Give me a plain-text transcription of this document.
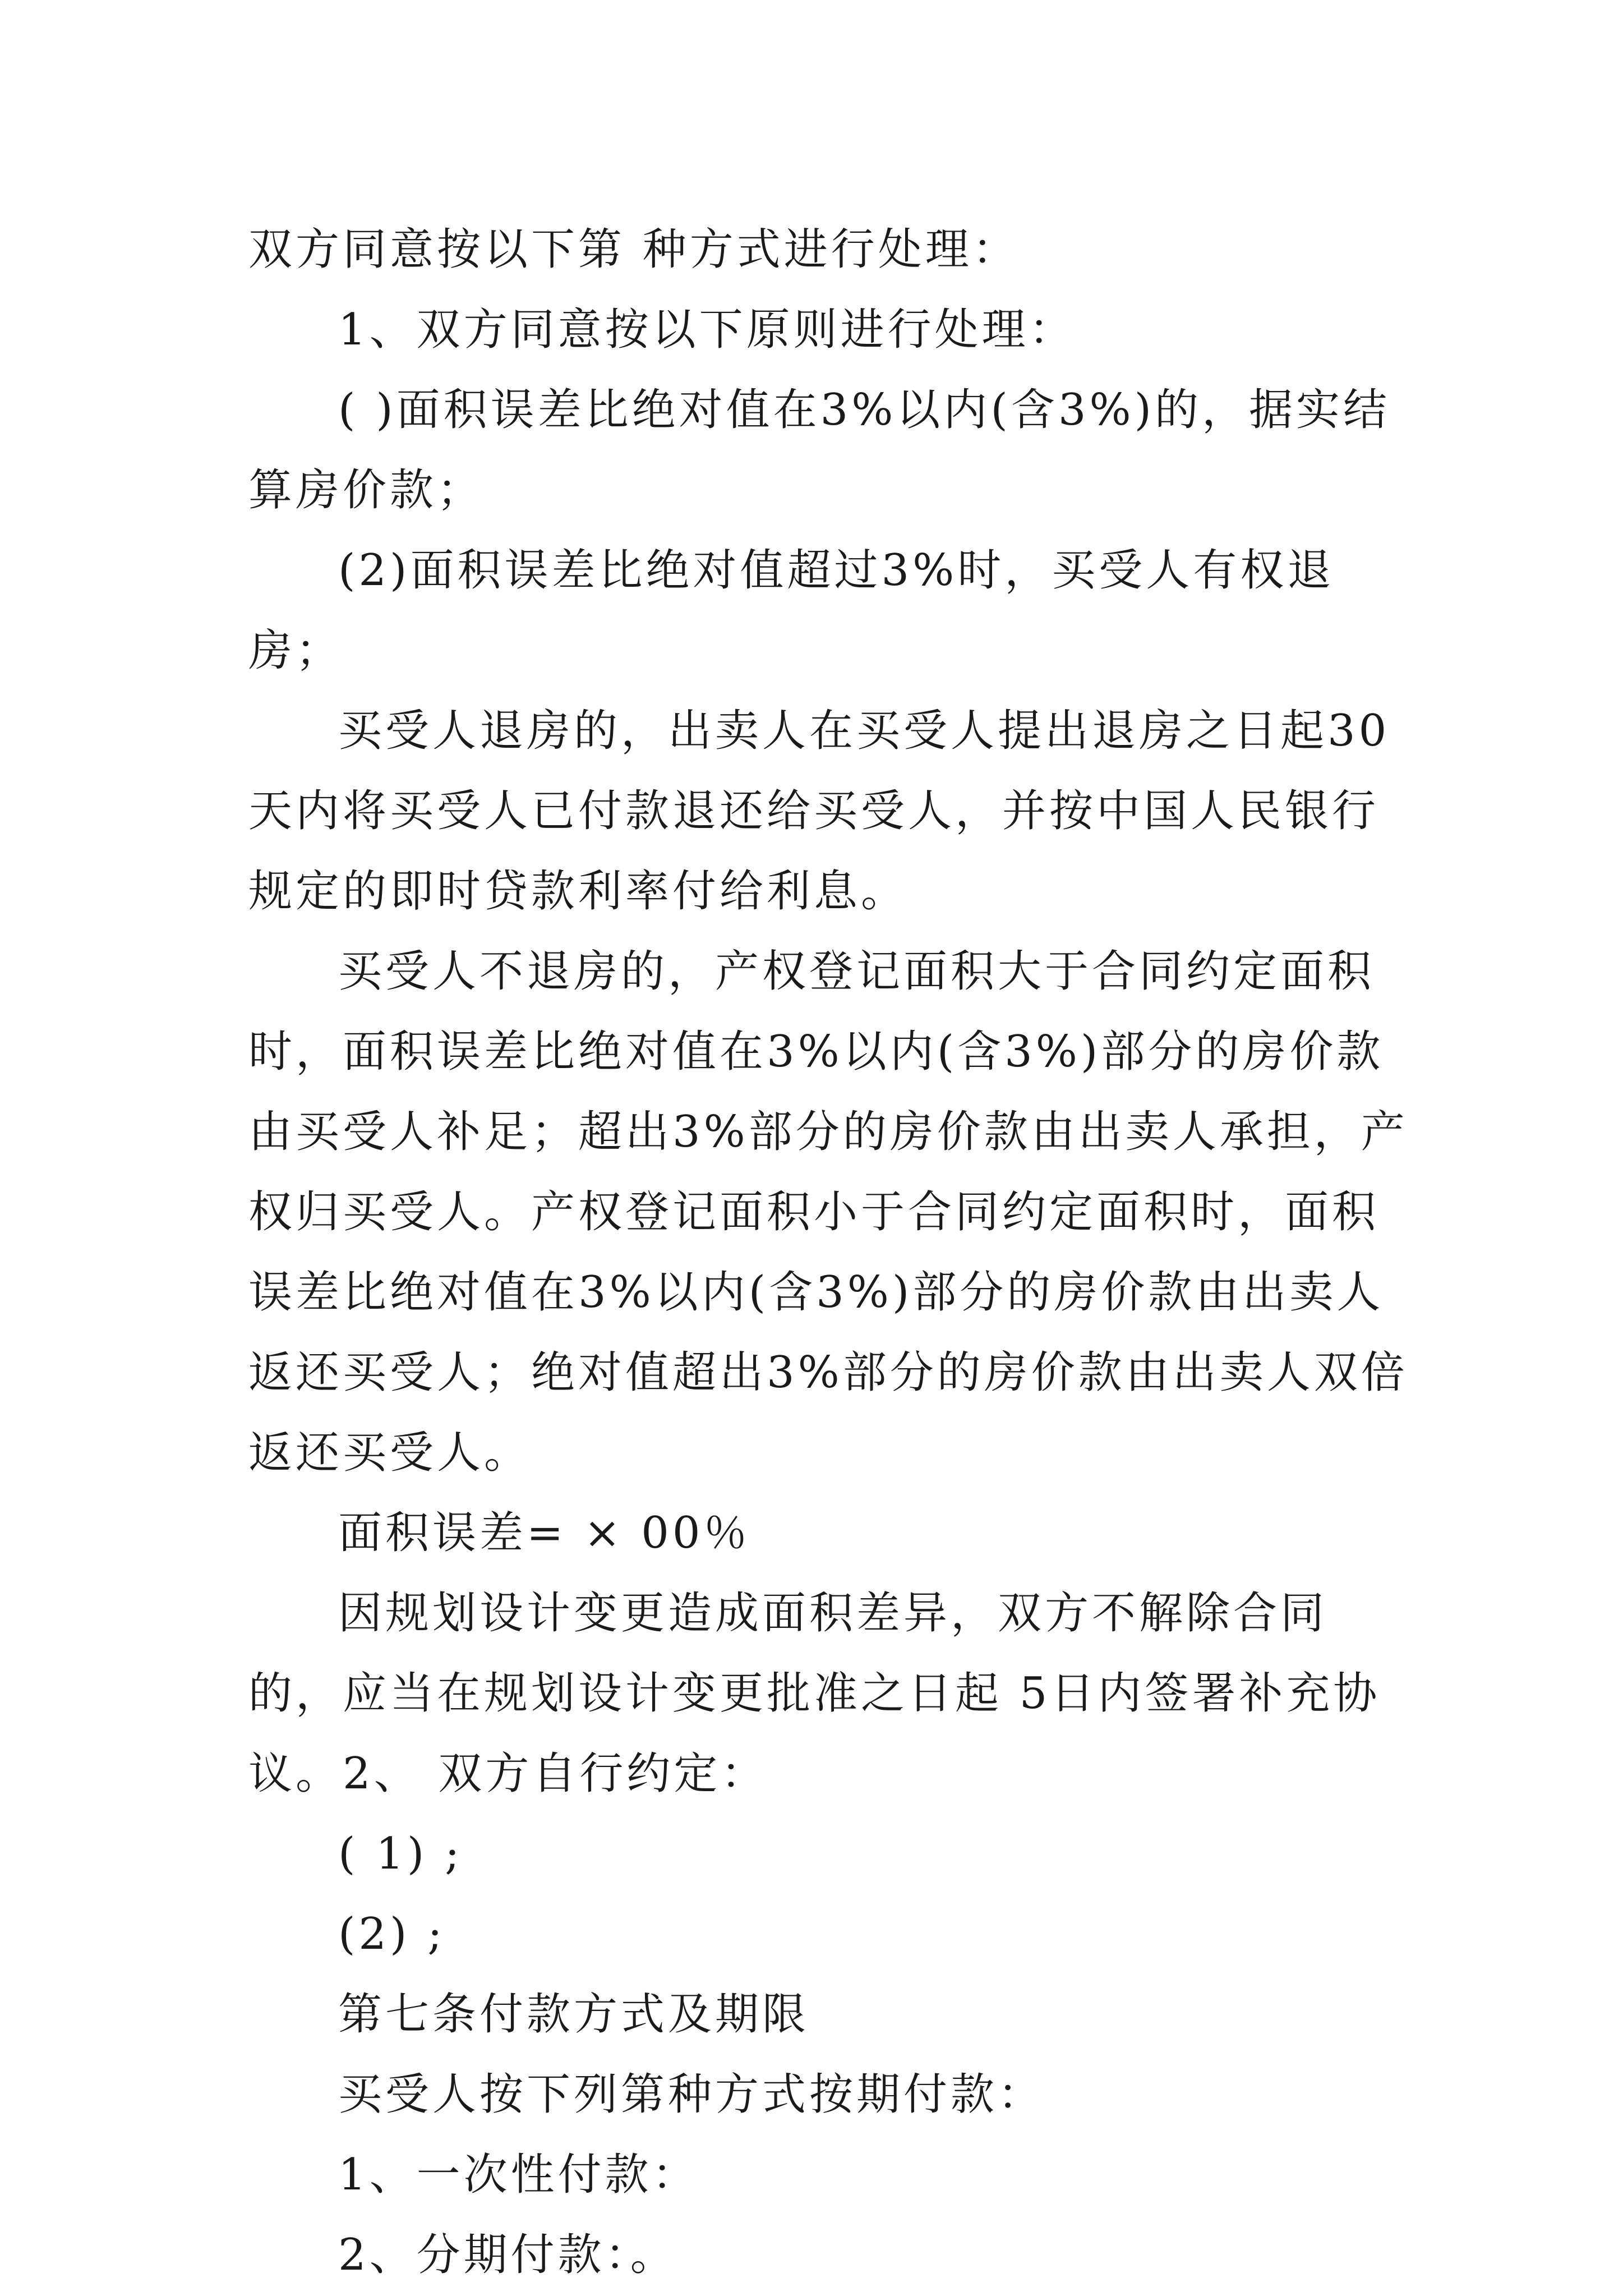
双方同意按以下第 种方式进行处理：

1、双方同意按以下原则进行处理：

( )面积误差比绝对值在3%以内(含3%)的，据实结算房价款；

(2)面积误差比绝对值超过3%时，买受人有权退房；

买受人退房的，出卖人在买受人提出退房之日起30天内将买受人已付款退还给买受人，并按中国人民银行规定的即时贷款利率付给利息。

买受人不退房的，产权登记面积大于合同约定面积时，面积误差比绝对值在3%以内(含3%)部分的房价款由买受人补足；超出3%部分的房价款由出卖人承担，产权归买受人。产权登记面积小于合同约定面积时，面积误差比绝对值在3%以内(含3%)部分的房价款由出卖人返还买受人；绝对值超出3%部分的房价款由出卖人双倍返还买受人。

面积误差= × 00％

因规划设计变更造成面积差异，双方不解除合同的，应当在规划设计变更批准之日起 5日内签署补充协议。2、 双方自行约定：

( 1) ;

(2) ;

第七条付款方式及期限

买受人按下列第种方式按期付款：

1、一次性付款：

2、分期付款：。
